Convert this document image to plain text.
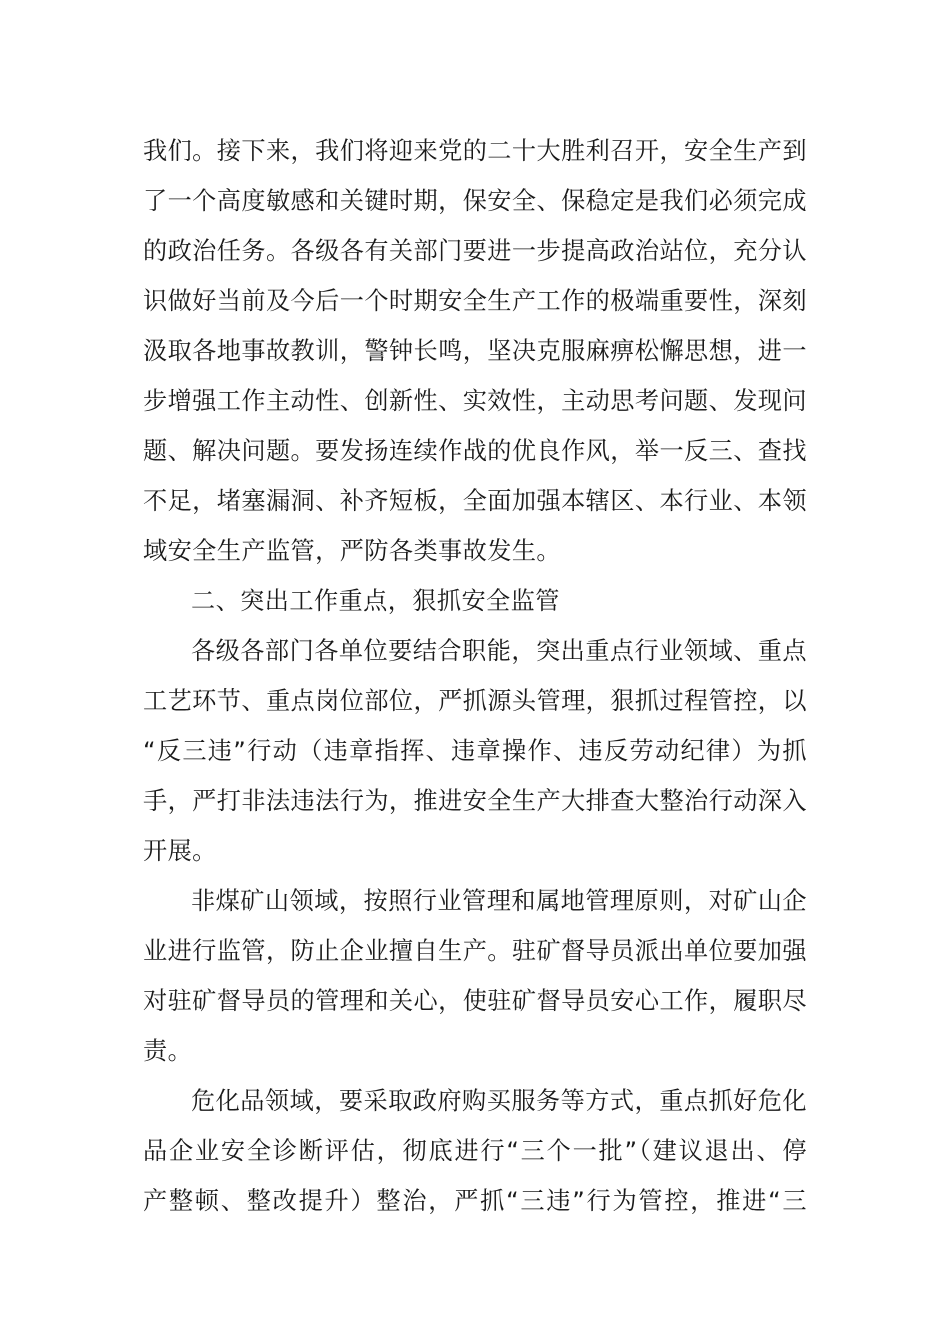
我们。接下来，我们将迎来党的二十大胜利召开，安全生产到
了一个高度敏感和关键时期，保安全、保稳定是我们必须完成
的政治任务。各级各有关部门要进一步提高政治站位，充分认
识做好当前及今后一个时期安全生产工作的极端重要性，深刻
汲取各地事故教训，警钟长鸣，坚决克服麻痹松懈思想，进一
步增强工作主动性、创新性、实效性，主动思考问题、发现问
题、解决问题。要发扬连续作战的优良作风，举一反三、查找
不足，堵塞漏洞、补齐短板，全面加强本辖区、本行业、本领
域安全生产监管，严防各类事故发生。
二、突出工作重点，狠抓安全监管
各级各部门各单位要结合职能，突出重点行业领域、重点
工艺环节、重点岗位部位，严抓源头管理，狠抓过程管控，以
“反三违”行动（违章指挥、违章操作、违反劳动纪律）为抓
手，严打非法违法行为，推进安全生产大排查大整治行动深入
开展。
非煤矿山领域，按照行业管理和属地管理原则，对矿山企
业进行监管，防止企业擅自生产。驻矿督导员派出单位要加强
对驻矿督导员的管理和关心，使驻矿督导员安心工作，履职尽
责。
危化品领域，要采取政府购买服务等方式，重点抓好危化
品企业安全诊断评估，彻底进行“三个一批”（建议退出、停
产整顿、整改提升）整治，严抓“三违”行为管控，推进“三
